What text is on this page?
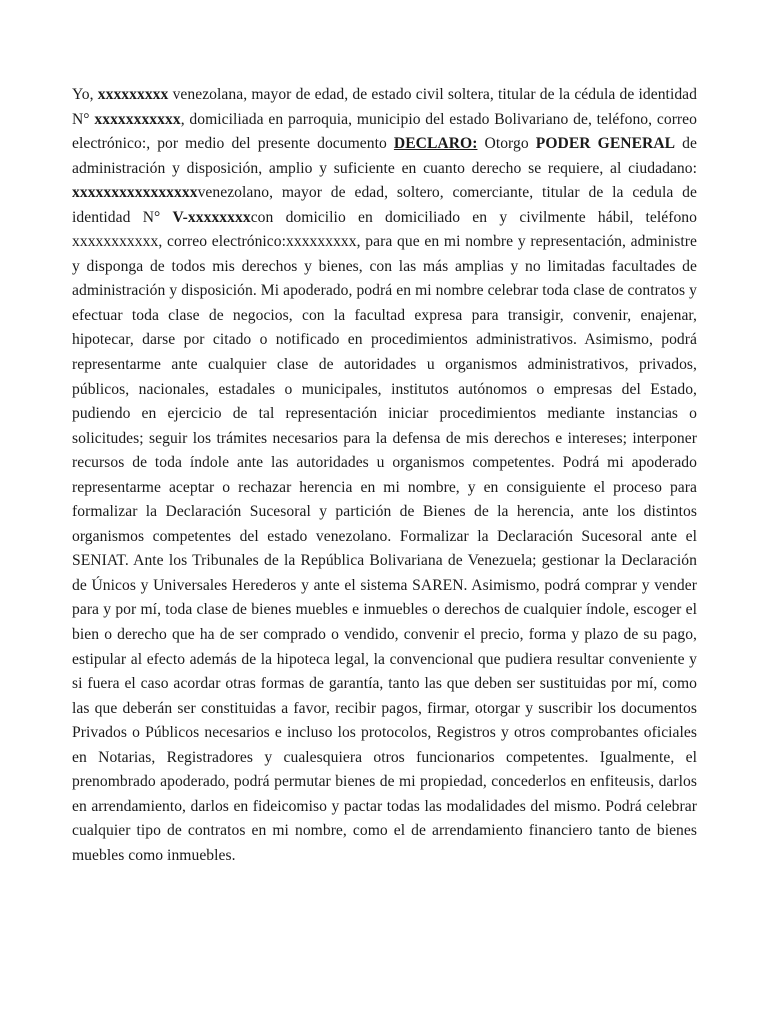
Yo, xxxxxxxxx venezolana, mayor de edad, de estado civil soltera, titular de la cédula de identidad N° xxxxxxxxxxx, domiciliada en parroquia, municipio del estado Bolivariano de, teléfono, correo electrónico:, por medio del presente documento DECLARO: Otorgo PODER GENERAL de administración y disposición, amplio y suficiente en cuanto derecho se requiere, al ciudadano: xxxxxxxxxxxxxxxxvenezolano, mayor de edad, soltero, comerciante, titular de la cedula de identidad N° V-xxxxxxxxcon domicilio en domiciliado en y civilmente hábil, teléfono xxxxxxxxxxx, correo electrónico:xxxxxxxxx, para que en mi nombre y representación, administre y disponga de todos mis derechos y bienes, con las más amplias y no limitadas facultades de administración y disposición. Mi apoderado, podrá en mi nombre celebrar toda clase de contratos y efectuar toda clase de negocios, con la facultad expresa para transigir, convenir, enajenar, hipotecar, darse por citado o notificado en procedimientos administrativos. Asimismo, podrá representarme ante cualquier clase de autoridades u organismos administrativos, privados, públicos, nacionales, estadales o municipales, institutos autónomos o empresas del Estado, pudiendo en ejercicio de tal representación iniciar procedimientos mediante instancias o solicitudes; seguir los trámites necesarios para la defensa de mis derechos e intereses; interponer recursos de toda índole ante las autoridades u organismos competentes. Podrá mi apoderado representarme aceptar o rechazar herencia en mi nombre, y en consiguiente el proceso para formalizar la Declaración Sucesoral y partición de Bienes de la herencia, ante los distintos organismos competentes del estado venezolano. Formalizar la Declaración Sucesoral ante el SENIAT. Ante los Tribunales de la República Bolivariana de Venezuela; gestionar la Declaración de Únicos y Universales Herederos y ante el sistema SAREN. Asimismo, podrá comprar y vender para y por mí, toda clase de bienes muebles e inmuebles o derechos de cualquier índole, escoger el bien o derecho que ha de ser comprado o vendido, convenir el precio, forma y plazo de su pago, estipular al efecto además de la hipoteca legal, la convencional que pudiera resultar conveniente y si fuera el caso acordar otras formas de garantía, tanto las que deben ser sustituidas por mí, como las que deberán ser constituidas a favor, recibir pagos, firmar, otorgar y suscribir los documentos Privados o Públicos necesarios e incluso los protocolos, Registros y otros comprobantes oficiales en Notarias, Registradores y cualesquiera otros funcionarios competentes. Igualmente, el prenombrado apoderado, podrá permutar bienes de mi propiedad, concederlos en enfiteusis, darlos en arrendamiento, darlos en fideicomiso y pactar todas las modalidades del mismo. Podrá celebrar cualquier tipo de contratos en mi nombre, como el de arrendamiento financiero tanto de bienes muebles como inmuebles.
